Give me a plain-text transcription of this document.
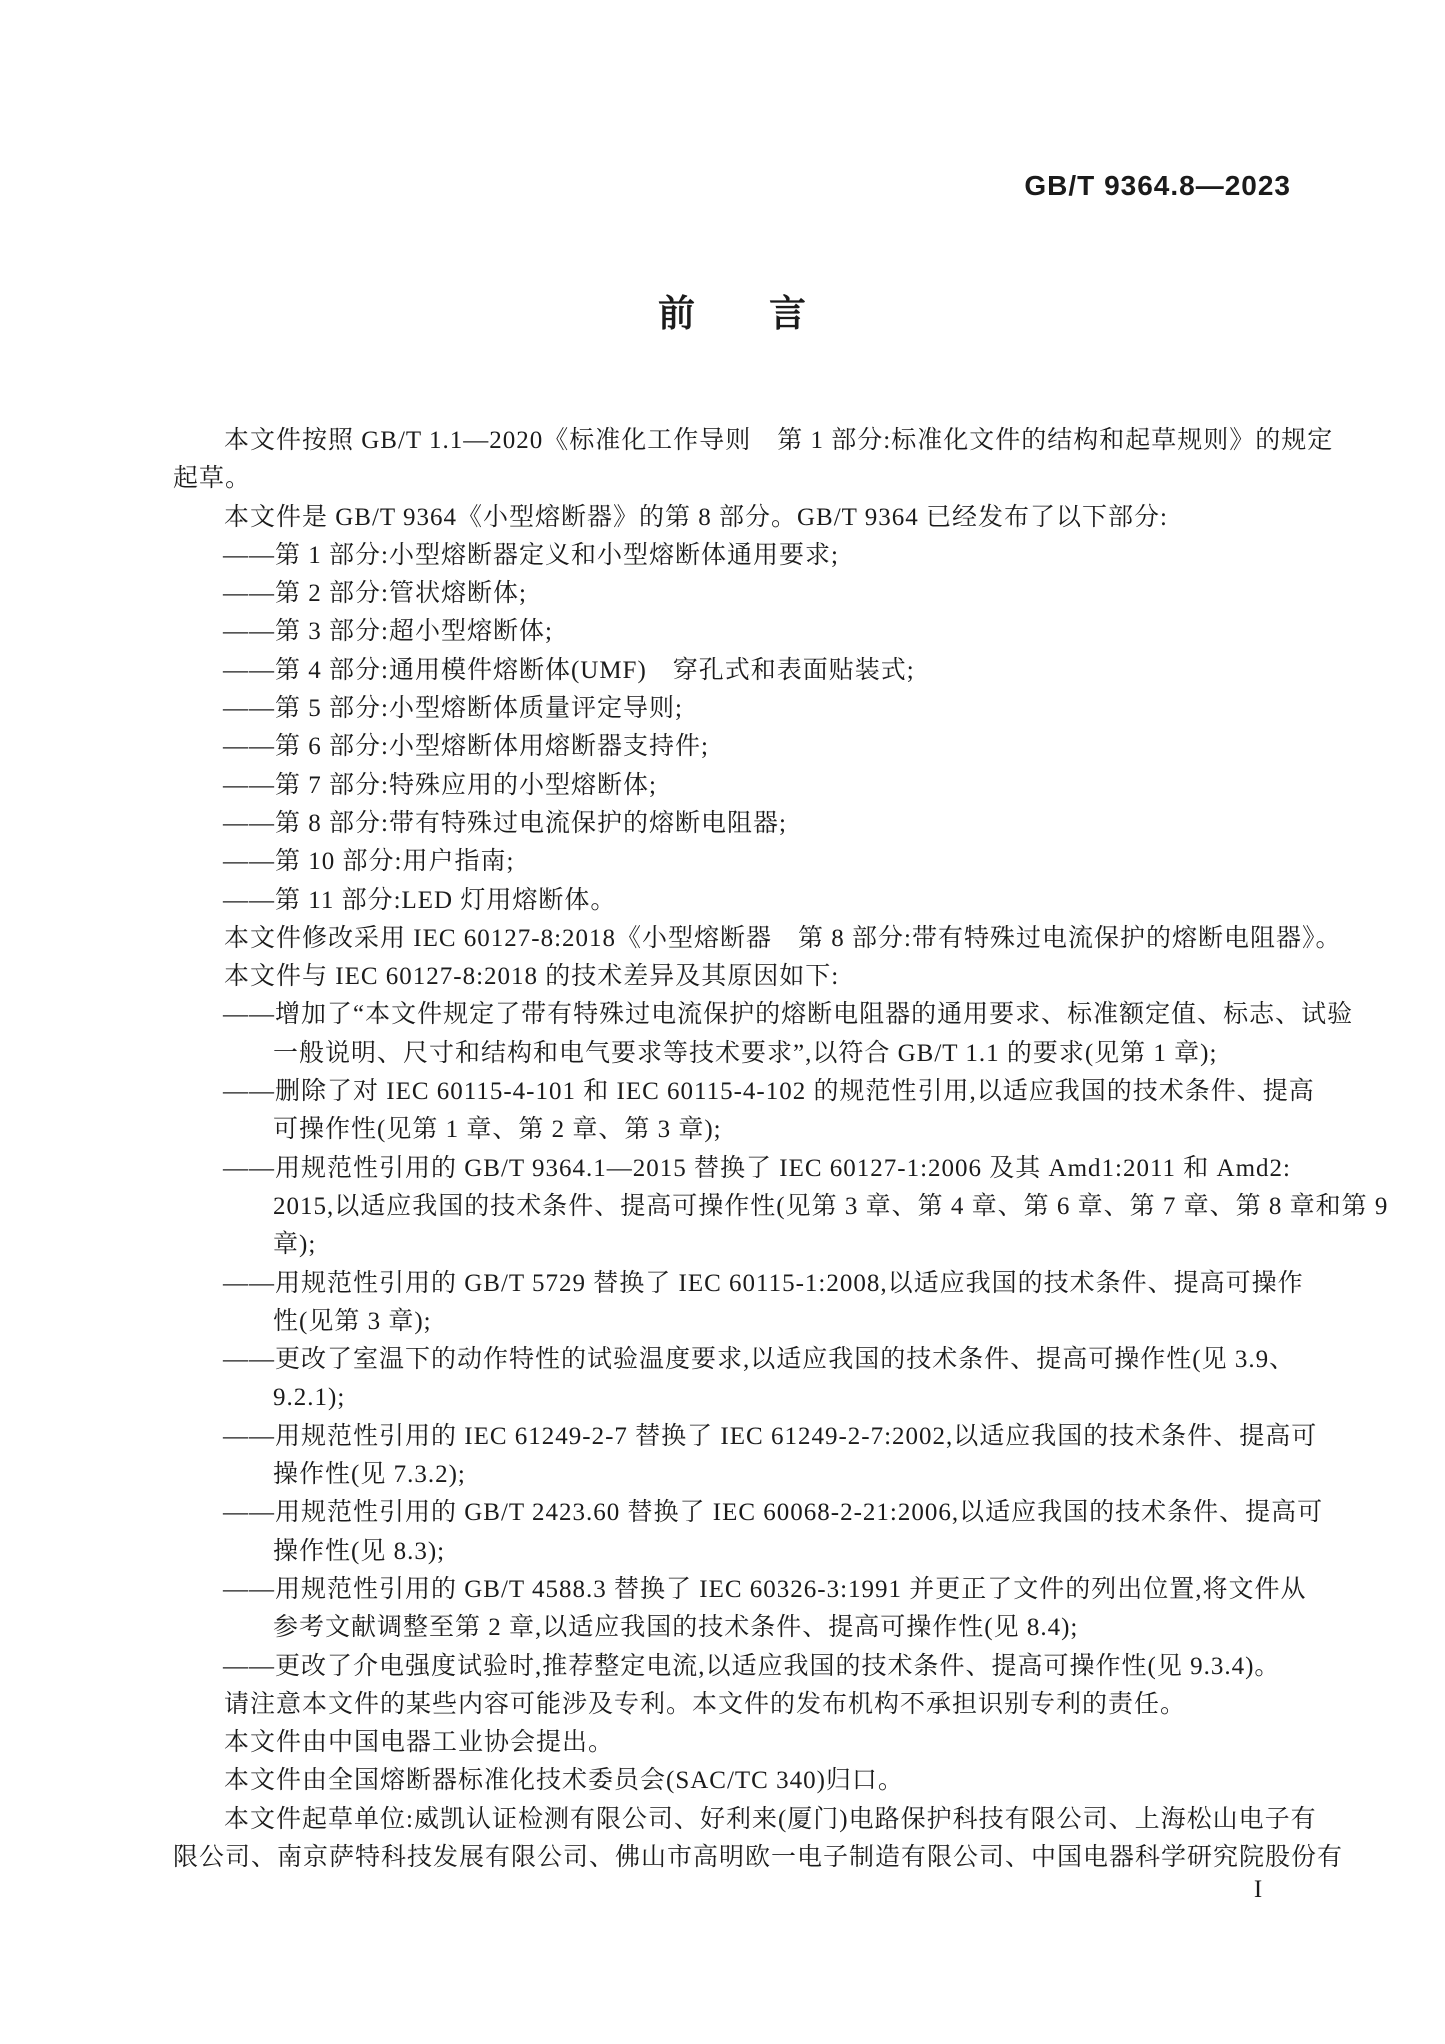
GB/T 9364.8—2023
前　　言
本文件按照 GB/T 1.1—2020《标准化工作导则　第 1 部分:标准化文件的结构和起草规则》的规定
起草。
本文件是 GB/T 9364《小型熔断器》的第 8 部分。GB/T 9364 已经发布了以下部分:
——第 1 部分:小型熔断器定义和小型熔断体通用要求;
——第 2 部分:管状熔断体;
——第 3 部分:超小型熔断体;
——第 4 部分:通用模件熔断体(UMF)　穿孔式和表面贴装式;
——第 5 部分:小型熔断体质量评定导则;
——第 6 部分:小型熔断体用熔断器支持件;
——第 7 部分:特殊应用的小型熔断体;
——第 8 部分:带有特殊过电流保护的熔断电阻器;
——第 10 部分:用户指南;
——第 11 部分:LED 灯用熔断体。
本文件修改采用 IEC 60127-8:2018《小型熔断器　第 8 部分:带有特殊过电流保护的熔断电阻器》。
本文件与 IEC 60127-8:2018 的技术差异及其原因如下:
——增加了“本文件规定了带有特殊过电流保护的熔断电阻器的通用要求、标准额定值、标志、试验
一般说明、尺寸和结构和电气要求等技术要求”,以符合 GB/T 1.1 的要求(见第 1 章);
——删除了对 IEC 60115-4-101 和 IEC 60115-4-102 的规范性引用,以适应我国的技术条件、提高
可操作性(见第 1 章、第 2 章、第 3 章);
——用规范性引用的 GB/T 9364.1—2015 替换了 IEC 60127-1:2006 及其 Amd1:2011 和 Amd2:
2015,以适应我国的技术条件、提高可操作性(见第 3 章、第 4 章、第 6 章、第 7 章、第 8 章和第 9
章);
——用规范性引用的 GB/T 5729 替换了 IEC 60115-1:2008,以适应我国的技术条件、提高可操作
性(见第 3 章);
——更改了室温下的动作特性的试验温度要求,以适应我国的技术条件、提高可操作性(见 3.9、
9.2.1);
——用规范性引用的 IEC 61249-2-7 替换了 IEC 61249-2-7:2002,以适应我国的技术条件、提高可
操作性(见 7.3.2);
——用规范性引用的 GB/T 2423.60 替换了 IEC 60068-2-21:2006,以适应我国的技术条件、提高可
操作性(见 8.3);
——用规范性引用的 GB/T 4588.3 替换了 IEC 60326-3:1991 并更正了文件的列出位置,将文件从
参考文献调整至第 2 章,以适应我国的技术条件、提高可操作性(见 8.4);
——更改了介电强度试验时,推荐整定电流,以适应我国的技术条件、提高可操作性(见 9.3.4)。
请注意本文件的某些内容可能涉及专利。本文件的发布机构不承担识别专利的责任。
本文件由中国电器工业协会提出。
本文件由全国熔断器标准化技术委员会(SAC/TC 340)归口。
本文件起草单位:威凯认证检测有限公司、好利来(厦门)电路保护科技有限公司、上海松山电子有
限公司、南京萨特科技发展有限公司、佛山市高明欧一电子制造有限公司、中国电器科学研究院股份有
I
